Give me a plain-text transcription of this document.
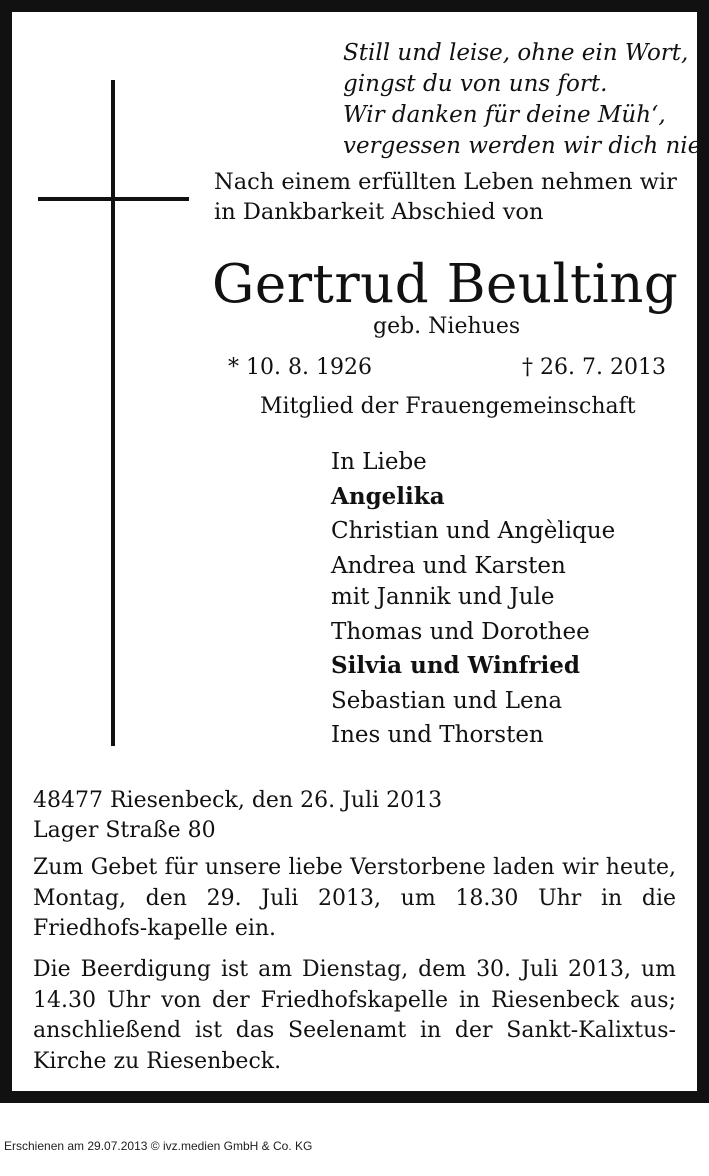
Still und leise, ohne ein Wort,
gingst du von uns fort.
Wir danken für deine Müh‘,
vergessen werden wir dich nie.
Nach einem erfüllten Leben nehmen wir
in Dankbarkeit Abschied von
Gertrud Beulting
geb. Niehues
* 10. 8. 1926	† 26. 7. 2013
Mitglied der Frauengemeinschaft
In Liebe
Angelika
Christian und Angèlique
Andrea und Karsten
mit Jannik und Jule
Thomas und Dorothee
Silvia und Winfried
Sebastian und Lena
Ines und Thorsten
48477 Riesenbeck, den 26. Juli 2013
Lager Straße 80
Zum Gebet für unsere liebe Verstorbene laden wir heute, Montag, den 29. Juli 2013, um 18.30 Uhr in die Friedhofs-kapelle ein.
Die Beerdigung ist am Dienstag, dem 30. Juli 2013, um 14.30 Uhr von der Friedhofskapelle in Riesenbeck aus; anschließend ist das Seelenamt in der Sankt-Kalixtus-Kirche zu Riesenbeck.
Erschienen am 29.07.2013 © ivz.medien GmbH & Co. KG
